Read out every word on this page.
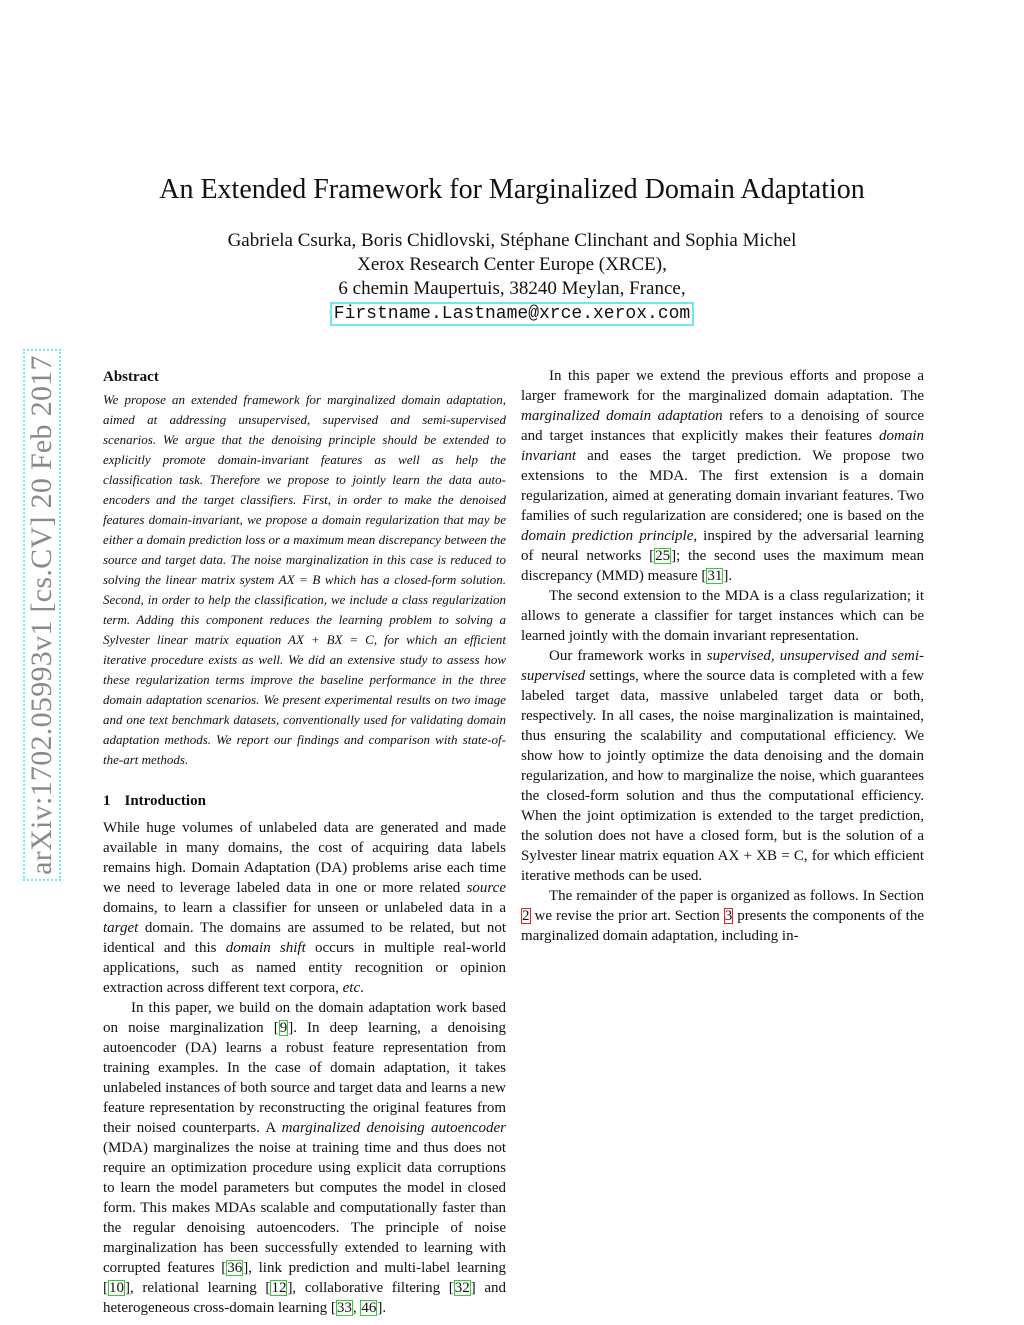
arXiv:1702.05993v1 [cs.CV] 20 Feb 2017
An Extended Framework for Marginalized Domain Adaptation
Gabriela Csurka, Boris Chidlovski, Stéphane Clinchant and Sophia Michel
Xerox Research Center Europe (XRCE),
6 chemin Maupertuis, 38240 Meylan, France,
Firstname.Lastname@xrce.xerox.com
Abstract

We propose an extended framework for marginalized domain adaptation, aimed at addressing unsupervised, supervised and semi-supervised scenarios. We argue that the denoising principle should be extended to explicitly promote domain-invariant features as well as help the classification task. Therefore we propose to jointly learn the data auto-encoders and the target classifiers. First, in order to make the denoised features domain-invariant, we propose a domain regularization that may be either a domain prediction loss or a maximum mean discrepancy between the source and target data. The noise marginalization in this case is reduced to solving the linear matrix system AX = B which has a closed-form solution. Second, in order to help the classification, we include a class regularization term. Adding this component reduces the learning problem to solving a Sylvester linear matrix equation AX + BX = C, for which an efficient iterative procedure exists as well. We did an extensive study to assess how these regularization terms improve the baseline performance in the three domain adaptation scenarios. We present experimental results on two image and one text benchmark datasets, conventionally used for validating domain adaptation methods. We report our findings and comparison with state-of-the-art methods.

1 Introduction

While huge volumes of unlabeled data are generated and made available in many domains, the cost of acquiring data labels remains high. Domain Adaptation (DA) problems arise each time we need to leverage labeled data in one or more related source domains, to learn a classifier for unseen or unlabeled data in a target domain. The domains are assumed to be related, but not identical and this domain shift occurs in multiple real-world applications, such as named entity recognition or opinion extraction across different text corpora, etc.

In this paper, we build on the domain adaptation work based on noise marginalization [9]. In deep learning, a denoising autoencoder (DA) learns a robust feature representation from training examples. In the case of domain adaptation, it takes unlabeled instances of both source and target data and learns a new feature representation by reconstructing the original features from their noised counterparts. A marginalized denoising autoencoder (MDA) marginalizes the noise at training time and thus does not require an optimization procedure using explicit data corruptions to learn the model parameters but computes the model in closed form. This makes MDAs scalable and computationally faster than the regular denoising autoencoders. The principle of noise marginalization has been successfully extended to learning with corrupted features [36], link prediction and multi-label learning [10], relational learning [12], collaborative filtering [32] and heterogeneous cross-domain learning [33, 46].

In this paper we extend the previous efforts and propose a larger framework for the marginalized domain adaptation. The marginalized domain adaptation refers to a denoising of source and target instances that explicitly makes their features domain invariant and eases the target prediction. We propose two extensions to the MDA. The first extension is a domain regularization, aimed at generating domain invariant features. Two families of such regularization are considered; one is based on the domain prediction principle, inspired by the adversarial learning of neural networks [25]; the second uses the maximum mean discrepancy (MMD) measure [31].

The second extension to the MDA is a class regularization; it allows to generate a classifier for target instances which can be learned jointly with the domain invariant representation.

Our framework works in supervised, unsupervised and semi-supervised settings, where the source data is completed with a few labeled target data, massive unlabeled target data or both, respectively. In all cases, the noise marginalization is maintained, thus ensuring the scalability and computational efficiency. We show how to jointly optimize the data denoising and the domain regularization, and how to marginalize the noise, which guarantees the closed-form solution and thus the computational efficiency. When the joint optimization is extended to the target prediction, the solution does not have a closed form, but is the solution of a Sylvester linear matrix equation AX + XB = C, for which efficient iterative methods can be used.

The remainder of the paper is organized as follows. In Section 2 we revise the prior art. Section 3 presents the components of the marginalized domain adaptation, including in-
